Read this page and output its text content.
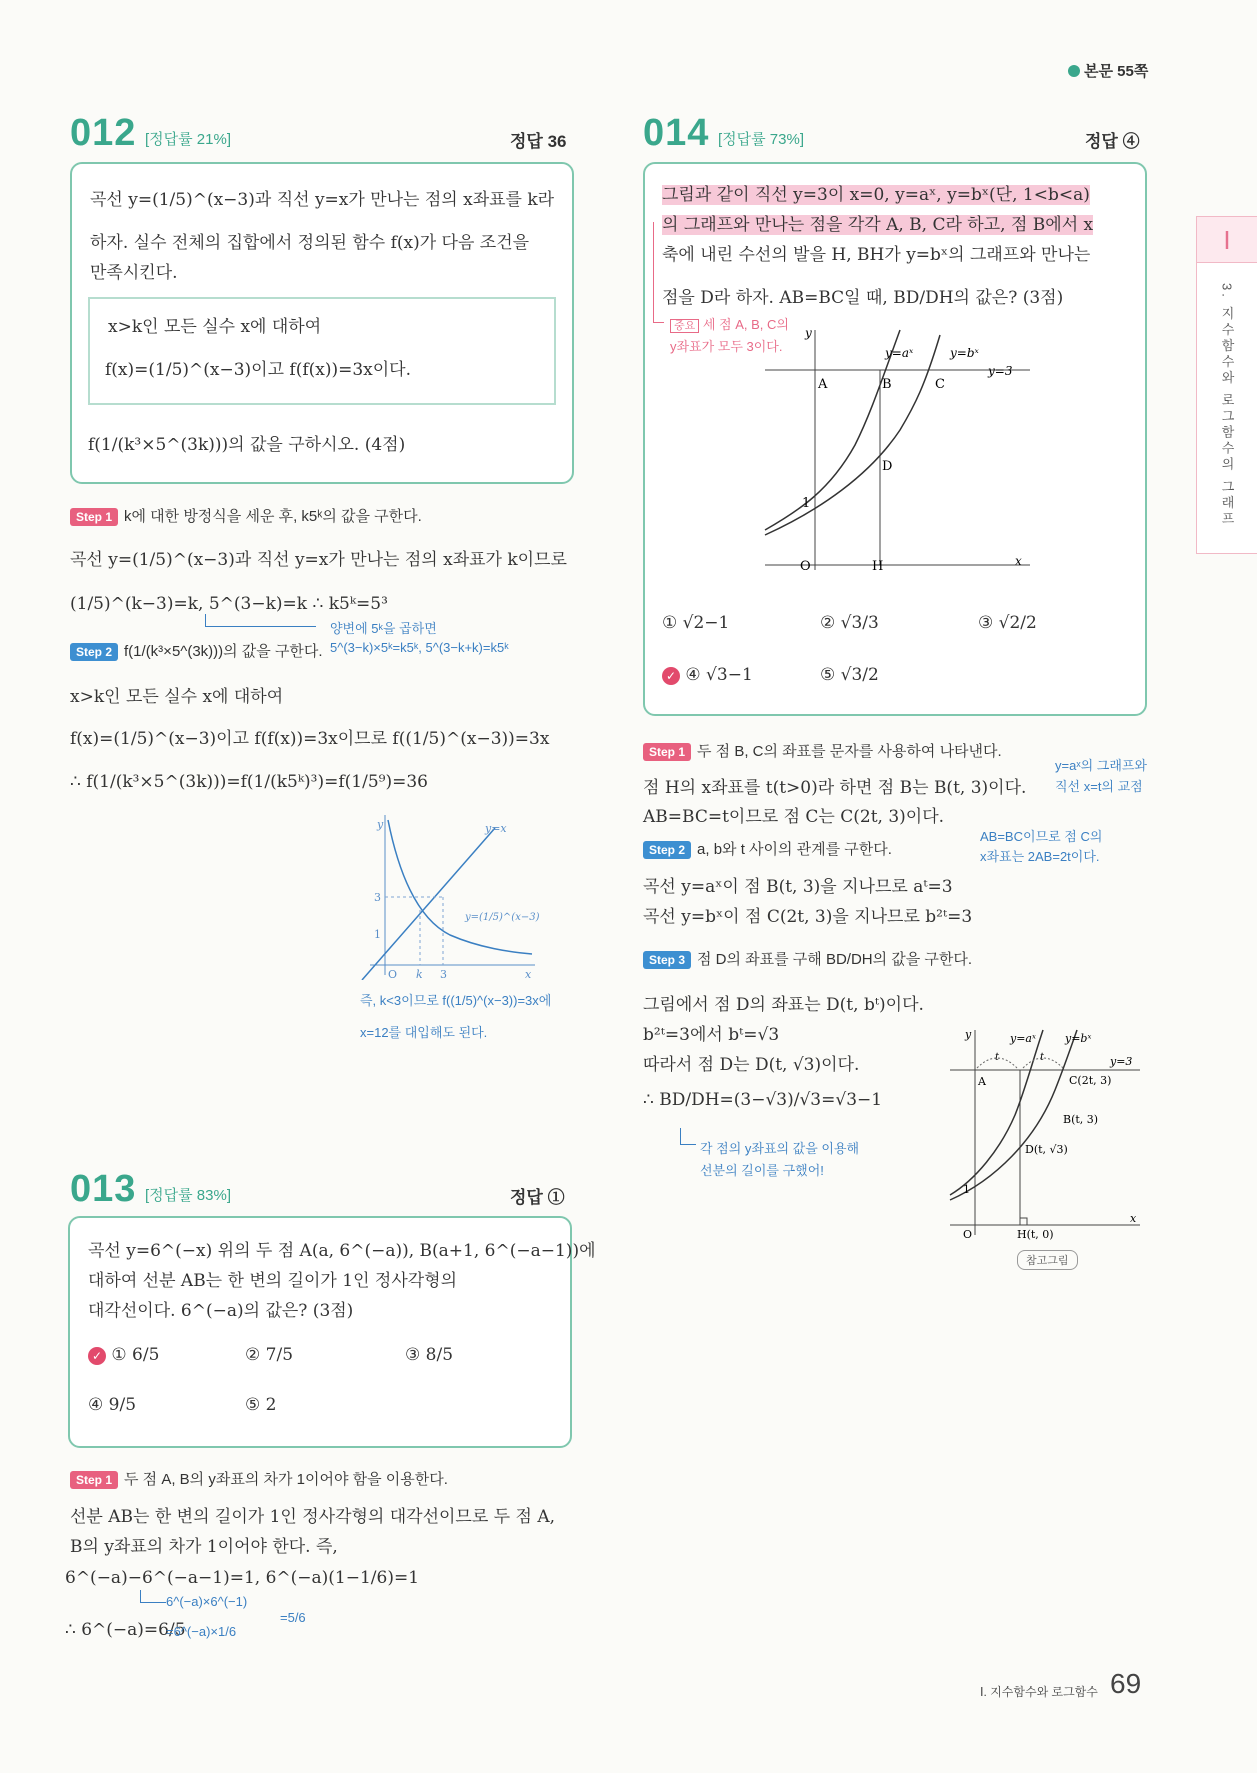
본문 55쪽
I
3. 지수함수와 로그함수의 그래프
012 [정답률 21%]	정답 36
곡선 y=(1/5)^(x−3)과 직선 y=x가 만나는 점의 x좌표를 k라
하자. 실수 전체의 집합에서 정의된 함수 f(x)가 다음 조건을
만족시킨다.
x>k인 모든 실수 x에 대하여
f(x)=(1/5)^(x−3)이고 f(f(x))=3x이다.
f(1/(k³×5^(3k)))의 값을 구하시오. (4점)
Step 1 k에 대한 방정식을 세운 후, k5ᵏ의 값을 구한다.
곡선 y=(1/5)^(x−3)과 직선 y=x가 만나는 점의 x좌표가 k이므로
(1/5)^(k−3)=k, 5^(3−k)=k ∴ k5ᵏ=5³
양변에 5ᵏ을 곱하면
Step 2 f(1/(k³×5^(3k)))의 값을 구한다. 5^(3−k)×5ᵏ=k5ᵏ, 5^(3−k+k)=k5ᵏ
x>k인 모든 실수 x에 대하여
f(x)=(1/5)^(x−3)이고 f(f(x))=3x이므로 f((1/5)^(x−3))=3x
∴ f(1/(k³×5^(3k)))=f(1/(k5ᵏ)³)=f(1/5⁹)=36
y
x
O k 3
3
1
y=x
y=(1/5)^(x−3)
즉, k<3이므로 f((1/5)^(x−3))=3x에
x=12를 대입해도 된다.
013 [정답률 83%]	정답 ①
곡선 y=6^(−x) 위의 두 점 A(a, 6^(−a)), B(a+1, 6^(−a−1))에
대하여 선분 AB는 한 변의 길이가 1인 정사각형의
대각선이다. 6^(−a)의 값은? (3점)
✓ ① 6/5	② 7/5	③ 8/5
④ 9/5	⑤ 2
Step 1 두 점 A, B의 y좌표의 차가 1이어야 함을 이용한다.
선분 AB는 한 변의 길이가 1인 정사각형의 대각선이므로 두 점 A,
B의 y좌표의 차가 1이어야 한다. 즉,
6^(−a)−6^(−a−1)=1, 6^(−a)(1−1/6)=1
6^(−a)×6^(−1)
=5/6
∴ 6^(−a)=6/5
=6^(−a)×1/6
014 [정답률 73%]	정답 ④
그림과 같이 직선 y=3이 x=0, y=aˣ, y=bˣ(단, 1<b<a)
의 그래프와 만나는 점을 각각 A, B, C라 하고, 점 B에서 x
축에 내린 수선의 발을 H, BH가 y=bˣ의 그래프와 만나는
점을 D라 하자. AB=BC일 때, BD/DH의 값은? (3점)
중요 세 점 A, B, C의
y좌표가 모두 3이다.
y
x
O	H
A	B	C
D
1
y=aˣ	y=bˣ
y=3
① √2−1	② √3/3	③ √2/2
✓ ④ √3−1	⑤ √3/2
Step 1 두 점 B, C의 좌표를 문자를 사용하여 나타낸다.
y=aˣ의 그래프와
점 H의 x좌표를 t(t>0)라 하면 점 B는 B(t, 3)이다. 직선 x=t의 교점
AB=BC=t이므로 점 C는 C(2t, 3)이다.
AB=BC이므로 점 C의
Step 2 a, b와 t 사이의 관계를 구한다.	x좌표는 2AB=2t이다.
곡선 y=aˣ이 점 B(t, 3)을 지나므로 aᵗ=3
곡선 y=bˣ이 점 C(2t, 3)을 지나므로 b²ᵗ=3
Step 3 점 D의 좌표를 구해 BD/DH의 값을 구한다.
그림에서 점 D의 좌표는 D(t, bᵗ)이다.
b²ᵗ=3에서 bᵗ=√3
따라서 점 D는 D(t, √3)이다.
∴ BD/DH=(3−√3)/√3=√3−1
각 점의 y좌표의 값을 이용해
선분의 길이를 구했어!
y
x
O
A
1
y=aˣ	y=bˣ
y=3
t	t
C(2t, 3)
B(t, 3)
D(t, √3)
H(t, 0)
참고그림
Ⅰ. 지수함수와 로그함수 69
